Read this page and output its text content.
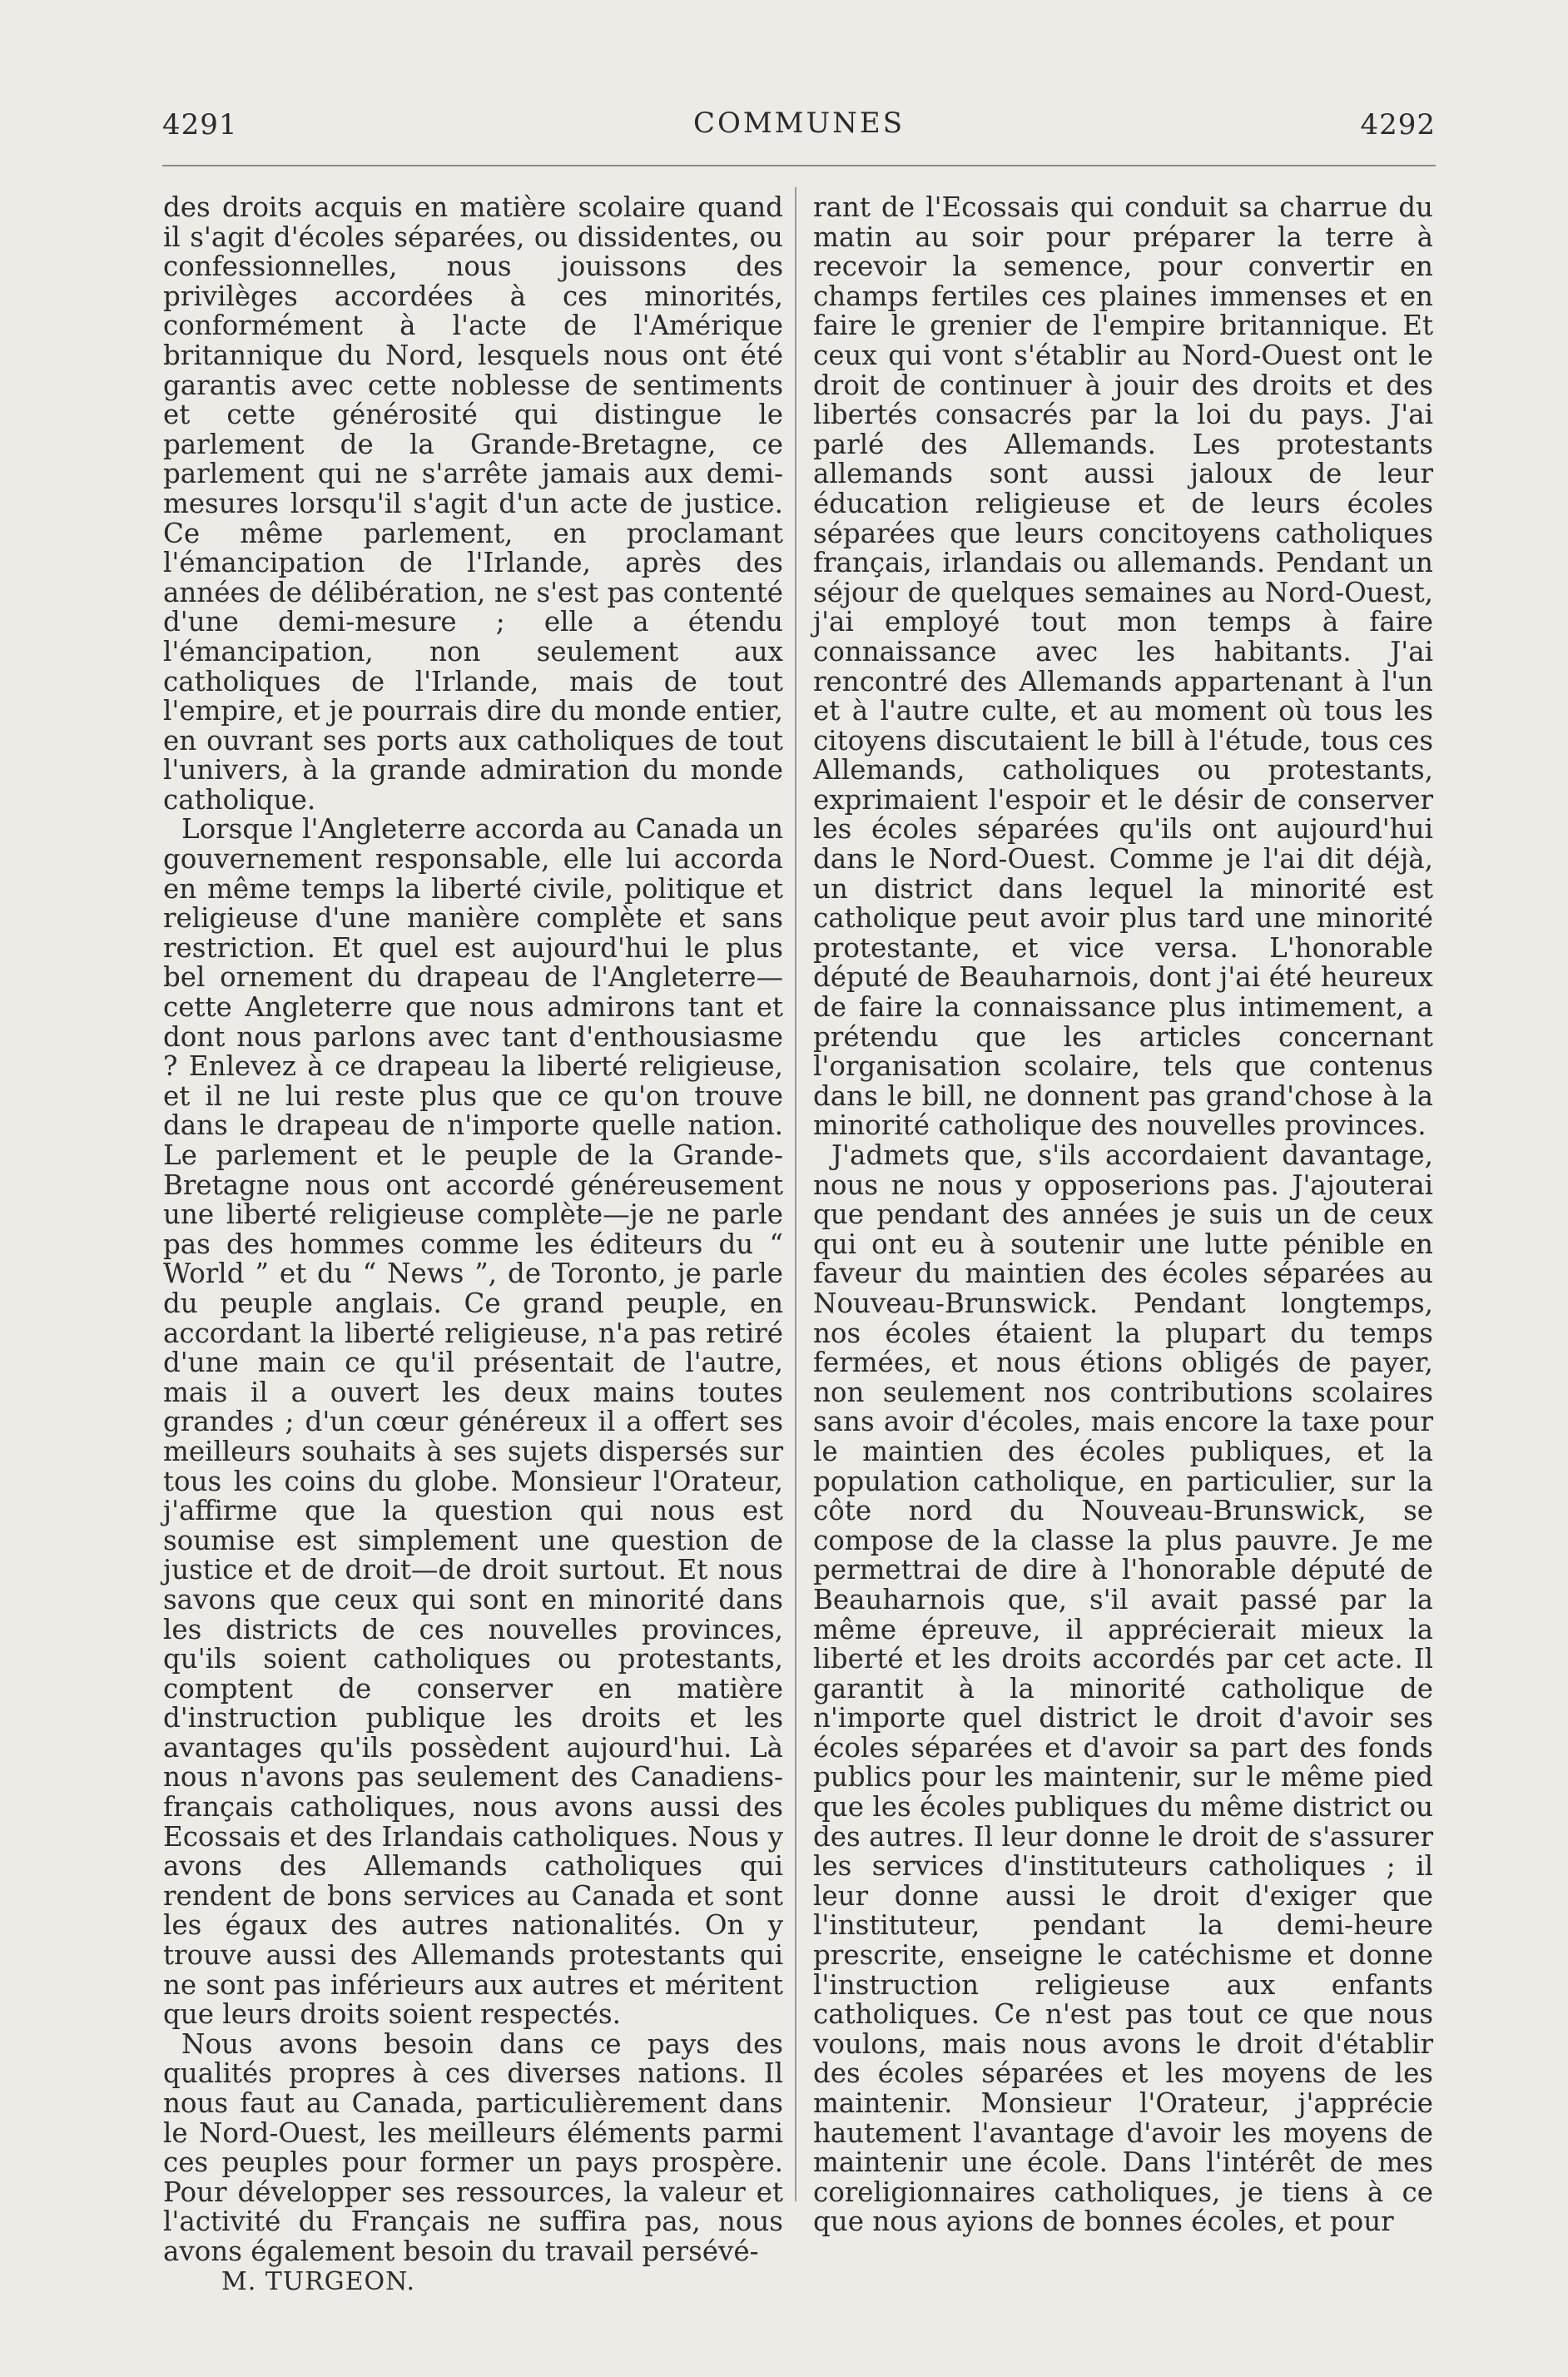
4291	COMMUNES	4292

des droits acquis en matière scolaire quand il s'agit d'écoles séparées, ou dissidentes, ou confessionnelles, nous jouissons des privilèges accordées à ces minorités, conformément à l'acte de l'Amérique britannique du Nord, lesquels nous ont été garantis avec cette noblesse de sentiments et cette générosité qui distingue le parlement de la Grande-Bretagne, ce parlement qui ne s'arrête jamais aux demi-mesures lorsqu'il s'agit d'un acte de justice. Ce même parlement, en proclamant l'émancipation de l'Irlande, après des années de délibération, ne s'est pas contenté d'une demi-mesure ; elle a étendu l'émancipation, non seulement aux catholiques de l'Irlande, mais de tout l'empire, et je pourrais dire du monde entier, en ouvrant ses ports aux catholiques de tout l'univers, à la grande admiration du monde catholique.

Lorsque l'Angleterre accorda au Canada un gouvernement responsable, elle lui accorda en même temps la liberté civile, politique et religieuse d'une manière complète et sans restriction. Et quel est aujourd'hui le plus bel ornement du drapeau de l'Angleterre—cette Angleterre que nous admirons tant et dont nous parlons avec tant d'enthousiasme ? Enlevez à ce drapeau la liberté religieuse, et il ne lui reste plus que ce qu'on trouve dans le drapeau de n'importe quelle nation. Le parlement et le peuple de la Grande-Bretagne nous ont accordé généreusement une liberté religieuse complète—je ne parle pas des hommes comme les éditeurs du “ World ” et du “ News ”, de Toronto, je parle du peuple anglais. Ce grand peuple, en accordant la liberté religieuse, n'a pas retiré d'une main ce qu'il présentait de l'autre, mais il a ouvert les deux mains toutes grandes ; d'un cœur généreux il a offert ses meilleurs souhaits à ses sujets dispersés sur tous les coins du globe. Monsieur l'Orateur, j'affirme que la question qui nous est soumise est simplement une question de justice et de droit—de droit surtout. Et nous savons que ceux qui sont en minorité dans les districts de ces nouvelles provinces, qu'ils soient catholiques ou protestants, comptent de conserver en matière d'instruction publique les droits et les avantages qu'ils possèdent aujourd'hui. Là nous n'avons pas seulement des Canadiens-français catholiques, nous avons aussi des Ecossais et des Irlandais catholiques. Nous y avons des Allemands catholiques qui rendent de bons services au Canada et sont les égaux des autres nationalités. On y trouve aussi des Allemands protestants qui ne sont pas inférieurs aux autres et méritent que leurs droits soient respectés.

Nous avons besoin dans ce pays des qualités propres à ces diverses nations. Il nous faut au Canada, particulièrement dans le Nord-Ouest, les meilleurs éléments parmi ces peuples pour former un pays prospère. Pour développer ses ressources, la valeur et l'activité du Français ne suffira pas, nous avons également besoin du travail persévé-

M. TURGEON.

rant de l'Ecossais qui conduit sa charrue du matin au soir pour préparer la terre à recevoir la semence, pour convertir en champs fertiles ces plaines immenses et en faire le grenier de l'empire britannique. Et ceux qui vont s'établir au Nord-Ouest ont le droit de continuer à jouir des droits et des libertés consacrés par la loi du pays. J'ai parlé des Allemands. Les protestants allemands sont aussi jaloux de leur éducation religieuse et de leurs écoles séparées que leurs concitoyens catholiques français, irlandais ou allemands. Pendant un séjour de quelques semaines au Nord-Ouest, j'ai employé tout mon temps à faire connaissance avec les habitants. J'ai rencontré des Allemands appartenant à l'un et à l'autre culte, et au moment où tous les citoyens discutaient le bill à l'étude, tous ces Allemands, catholiques ou protestants, exprimaient l'espoir et le désir de conserver les écoles séparées qu'ils ont aujourd'hui dans le Nord-Ouest. Comme je l'ai dit déjà, un district dans lequel la minorité est catholique peut avoir plus tard une minorité protestante, et vice versa. L'honorable député de Beauharnois, dont j'ai été heureux de faire la connaissance plus intimement, a prétendu que les articles concernant l'organisation scolaire, tels que contenus dans le bill, ne donnent pas grand'chose à la minorité catholique des nouvelles provinces.

J'admets que, s'ils accordaient davantage, nous ne nous y opposerions pas. J'ajouterai que pendant des années je suis un de ceux qui ont eu à soutenir une lutte pénible en faveur du maintien des écoles séparées au Nouveau-Brunswick. Pendant longtemps, nos écoles étaient la plupart du temps fermées, et nous étions obligés de payer, non seulement nos contributions scolaires sans avoir d'écoles, mais encore la taxe pour le maintien des écoles publiques, et la population catholique, en particulier, sur la côte nord du Nouveau-Brunswick, se compose de la classe la plus pauvre. Je me permettrai de dire à l'honorable député de Beauharnois que, s'il avait passé par la même épreuve, il apprécierait mieux la liberté et les droits accordés par cet acte. Il garantit à la minorité catholique de n'importe quel district le droit d'avoir ses écoles séparées et d'avoir sa part des fonds publics pour les maintenir, sur le même pied que les écoles publiques du même district ou des autres. Il leur donne le droit de s'assurer les services d'instituteurs catholiques ; il leur donne aussi le droit d'exiger que l'instituteur, pendant la demi-heure prescrite, enseigne le catéchisme et donne l'instruction religieuse aux enfants catholiques. Ce n'est pas tout ce que nous voulons, mais nous avons le droit d'établir des écoles séparées et les moyens de les maintenir. Monsieur l'Orateur, j'apprécie hautement l'avantage d'avoir les moyens de maintenir une école. Dans l'intérêt de mes coreligionnaires catholiques, je tiens à ce que nous ayions de bonnes écoles, et pour
